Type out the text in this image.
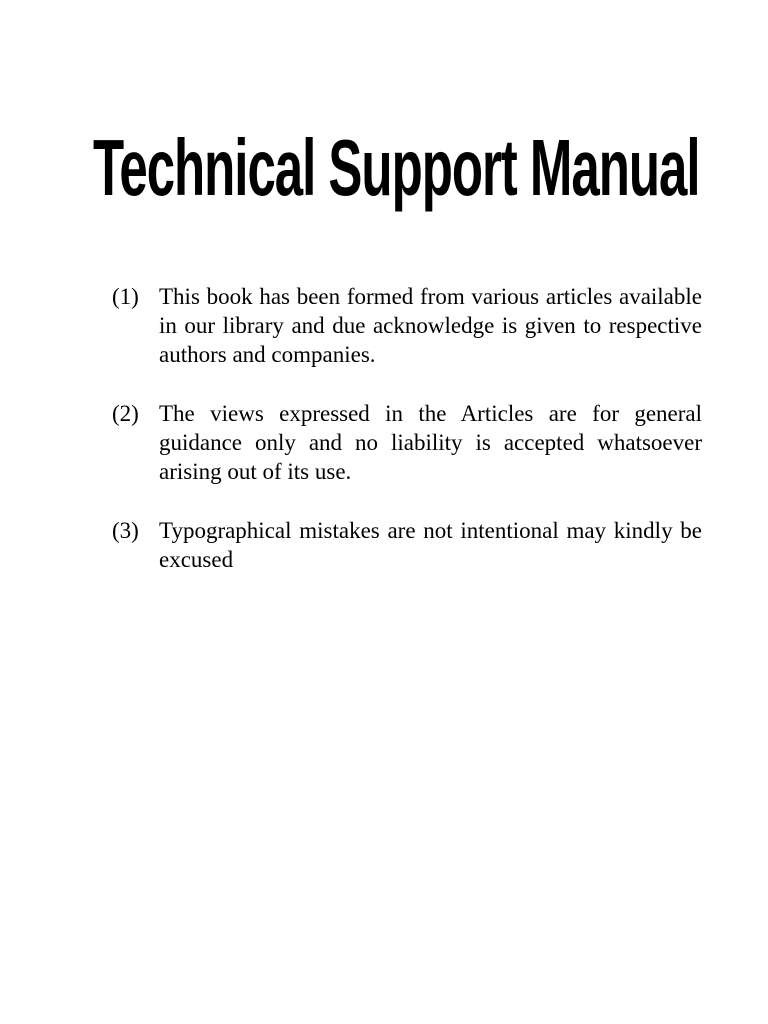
Technical Support Manual
(1) This book has been formed from various articles available in our library and due acknowledge is given to respective authors and companies.
(2) The views expressed in the Articles are for general guidance only and no liability is accepted whatsoever arising out of its use.
(3) Typographical mistakes are not intentional may kindly be excused
